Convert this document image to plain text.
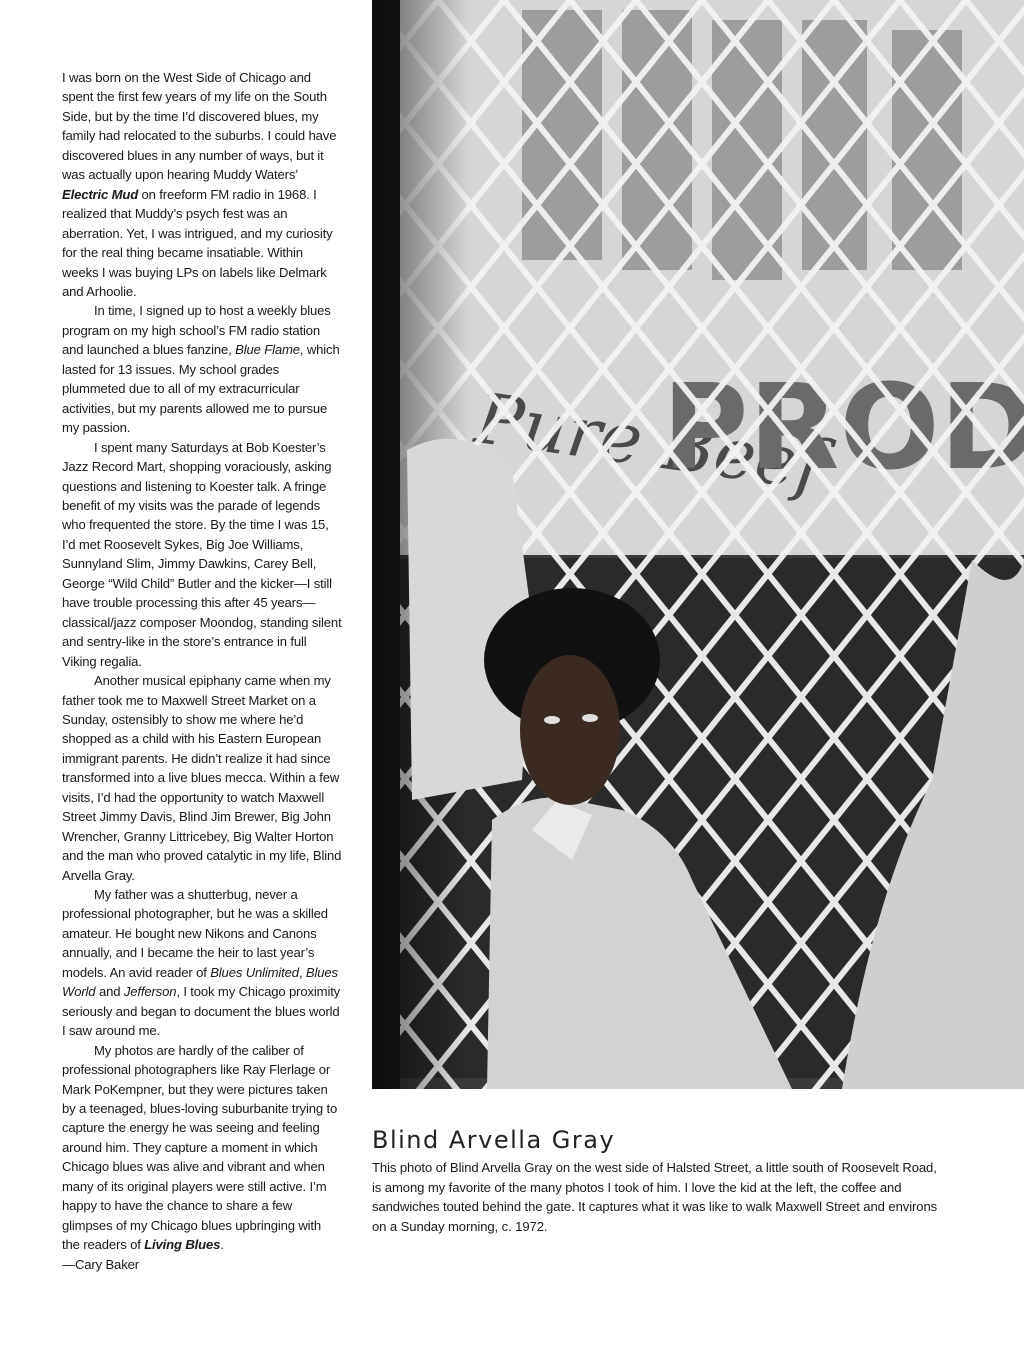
I was born on the West Side of Chicago and spent the first few years of my life on the South Side, but by the time I’d discovered blues, my family had relocated to the suburbs. I could have discovered blues in any number of ways, but it was actually upon hearing Muddy Waters’ Electric Mud on freeform FM radio in 1968. I realized that Muddy’s psych fest was an aberration. Yet, I was intrigued, and my curiosity for the real thing became insatiable. Within weeks I was buying LPs on labels like Delmark and Arhoolie.

In time, I signed up to host a weekly blues program on my high school’s FM radio station and launched a blues fanzine, Blue Flame, which lasted for 13 issues. My school grades plummeted due to all of my extracurricular activities, but my parents allowed me to pursue my passion.

I spent many Saturdays at Bob Koester’s Jazz Record Mart, shopping voraciously, asking questions and listening to Koester talk. A fringe benefit of my visits was the parade of legends who frequented the store. By the time I was 15, I’d met Roosevelt Sykes, Big Joe Williams, Sunnyland Slim, Jimmy Dawkins, Carey Bell, George “Wild Child” Butler and the kicker—I still have trouble processing this after 45 years—classical/jazz composer Moondog, standing silent and sentry-like in the store’s entrance in full Viking regalia.

Another musical epiphany came when my father took me to Maxwell Street Market on a Sunday, ostensibly to show me where he’d shopped as a child with his Eastern European immigrant parents. He didn’t realize it had since transformed into a live blues mecca. Within a few visits, I’d had the opportunity to watch Maxwell Street Jimmy Davis, Blind Jim Brewer, Big John Wrencher, Granny Littricebey, Big Walter Horton and the man who proved catalytic in my life, Blind Arvella Gray.

My father was a shutterbug, never a professional photographer, but he was a skilled amateur. He bought new Nikons and Canons annually, and I became the heir to last year’s models. An avid reader of Blues Unlimited, Blues World and Jefferson, I took my Chicago proximity seriously and began to document the blues world I saw around me.

My photos are hardly of the caliber of professional photographers like Ray Flerlage or Mark PoKempner, but they were pictures taken by a teenaged, blues-loving suburbanite trying to capture the energy he was seeing and feeling around him. They capture a moment in which Chicago blues was alive and vibrant and when many of its original players were still active. I’m happy to have the chance to share a few glimpses of my Chicago blues upbringing with the readers of Living Blues.

—Cary Baker

Blind Arvella Gray

This photo of Blind Arvella Gray on the west side of Halsted Street, a little south of Roosevelt Road, is among my favorite of the many photos I took of him. I love the kid at the left, the coffee and sandwiches touted behind the gate. It captures what it was like to walk Maxwell Street and environs on a Sunday morning, c. 1972.
